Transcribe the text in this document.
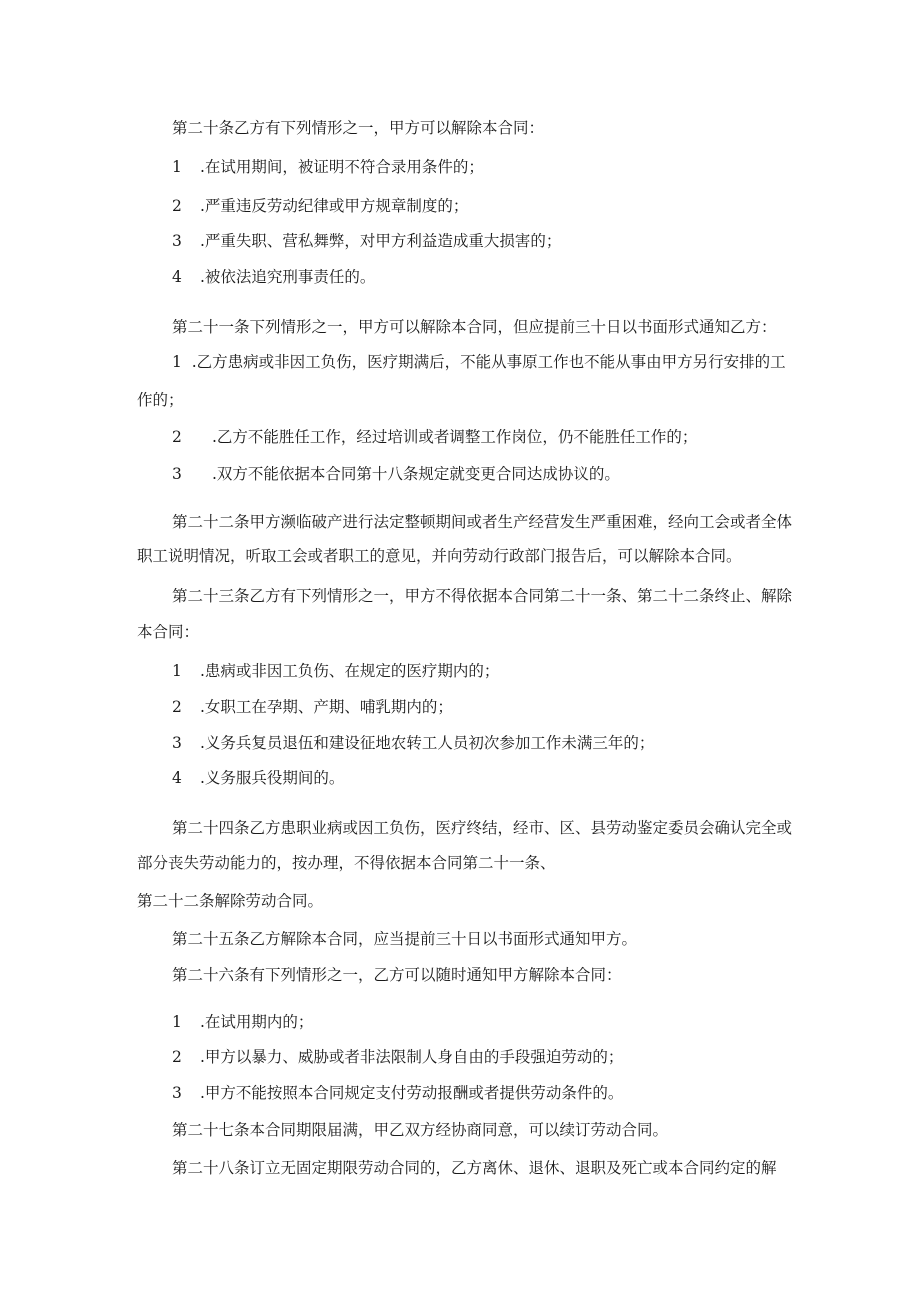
第二十条乙方有下列情形之一，甲方可以解除本合同：
1 .在试用期间，被证明不符合录用条件的；
2 .严重违反劳动纪律或甲方规章制度的；
3 .严重失职、营私舞弊，对甲方利益造成重大损害的；
4 .被依法追究刑事责任的。
第二十一条下列情形之一，甲方可以解除本合同，但应提前三十日以书面形式通知乙方：
1  .乙方患病或非因工负伤，医疗期满后，不能从事原工作也不能从事由甲方另行安排的工
作的；
2 .乙方不能胜任工作，经过培训或者调整工作岗位，仍不能胜任工作的；
3 .双方不能依据本合同第十八条规定就变更合同达成协议的。
第二十二条甲方濒临破产进行法定整顿期间或者生产经营发生严重困难，经向工会或者全体
职工说明情况，听取工会或者职工的意见，并向劳动行政部门报告后，可以解除本合同。
第二十三条乙方有下列情形之一，甲方不得依据本合同第二十一条、第二十二条终止、解除
本合同：
1 .患病或非因工负伤、在规定的医疗期内的；
2 .女职工在孕期、产期、哺乳期内的；
3 .义务兵复员退伍和建设征地农转工人员初次参加工作未满三年的；
4 .义务服兵役期间的。
第二十四条乙方患职业病或因工负伤，医疗终结，经市、区、县劳动鉴定委员会确认完全或
部分丧失劳动能力的，按办理，不得依据本合同第二十一条、
第二十二条解除劳动合同。
第二十五条乙方解除本合同，应当提前三十日以书面形式通知甲方。
第二十六条有下列情形之一，乙方可以随时通知甲方解除本合同：
1 .在试用期内的；
2 .甲方以暴力、威胁或者非法限制人身自由的手段强迫劳动的；
3 .甲方不能按照本合同规定支付劳动报酬或者提供劳动条件的。
第二十七条本合同期限届满，甲乙双方经协商同意，可以续订劳动合同。
第二十八条订立无固定期限劳动合同的，乙方离休、退休、退职及死亡或本合同约定的解
